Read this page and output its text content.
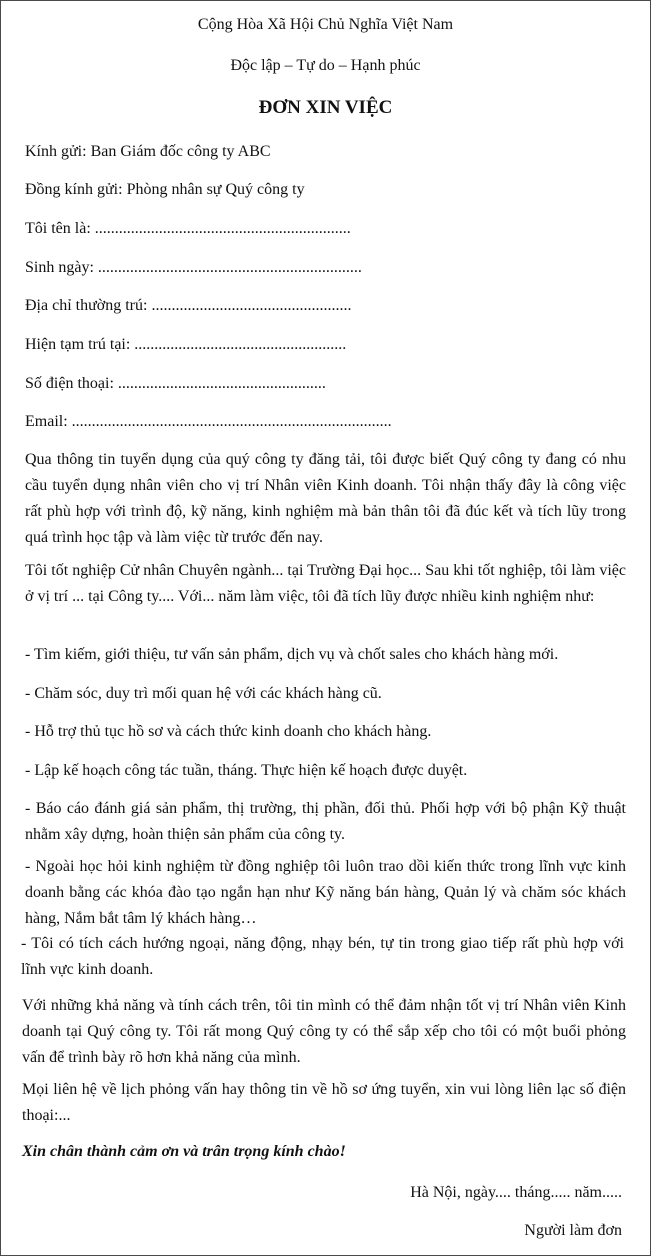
Cộng Hòa Xã Hội Chủ Nghĩa Việt Nam

Độc lập – Tự do – Hạnh phúc

ĐƠN XIN VIỆC

Kính gửi: Ban Giám đốc công ty ABC

Đồng kính gửi: Phòng nhân sự Quý công ty

Tôi tên là: ................................................................

Sinh ngày: ..................................................................

Địa chỉ thường trú: ..................................................

Hiện tạm trú tại: .....................................................

Số điện thoại: ....................................................

Email: ................................................................................

Qua thông tin tuyển dụng của quý công ty đăng tải, tôi được biết Quý công ty đang có nhu cầu tuyển dụng nhân viên cho vị trí Nhân viên Kinh doanh. Tôi nhận thấy đây là công việc rất phù hợp với trình độ, kỹ năng, kinh nghiệm mà bản thân tôi đã đúc kết và tích lũy trong quá trình học tập và làm việc từ trước đến nay.

Tôi tốt nghiệp Cử nhân Chuyên ngành... tại Trường Đại học... Sau khi tốt nghiệp, tôi làm việc ở vị trí ... tại Công ty.... Với... năm làm việc, tôi đã tích lũy được nhiều kinh nghiệm như:

- Tìm kiếm, giới thiệu, tư vấn sản phẩm, dịch vụ và chốt sales cho khách hàng mới.

- Chăm sóc, duy trì mối quan hệ với các khách hàng cũ.

- Hỗ trợ thủ tục hồ sơ và cách thức kinh doanh cho khách hàng.

- Lập kế hoạch công tác tuần, tháng. Thực hiện kế hoạch được duyệt.

- Báo cáo đánh giá sản phẩm, thị trường, thị phần, đối thủ. Phối hợp với bộ phận Kỹ thuật nhằm xây dựng, hoàn thiện sản phẩm của công ty.

- Ngoài học hỏi kinh nghiệm từ đồng nghiệp tôi luôn trao dồi kiến thức trong lĩnh vực kinh doanh bằng các khóa đào tạo ngắn hạn như Kỹ năng bán hàng, Quản lý và chăm sóc khách hàng, Nắm bắt tâm lý khách hàng…

- Tôi có tích cách hướng ngoại, năng động, nhạy bén, tự tin trong giao tiếp rất phù hợp với lĩnh vực kinh doanh.

Với những khả năng và tính cách trên, tôi tin mình có thể đảm nhận tốt vị trí Nhân viên Kinh doanh tại Quý công ty. Tôi rất mong Quý công ty có thể sắp xếp cho tôi có một buổi phỏng vấn để trình bày rõ hơn khả năng của mình.

Mọi liên hệ về lịch phỏng vấn hay thông tin về hồ sơ ứng tuyển, xin vui lòng liên lạc số điện thoại:...

Xin chân thành cảm ơn và trân trọng kính chào!

Hà Nội, ngày.... tháng..... năm.....

Người làm đơn
